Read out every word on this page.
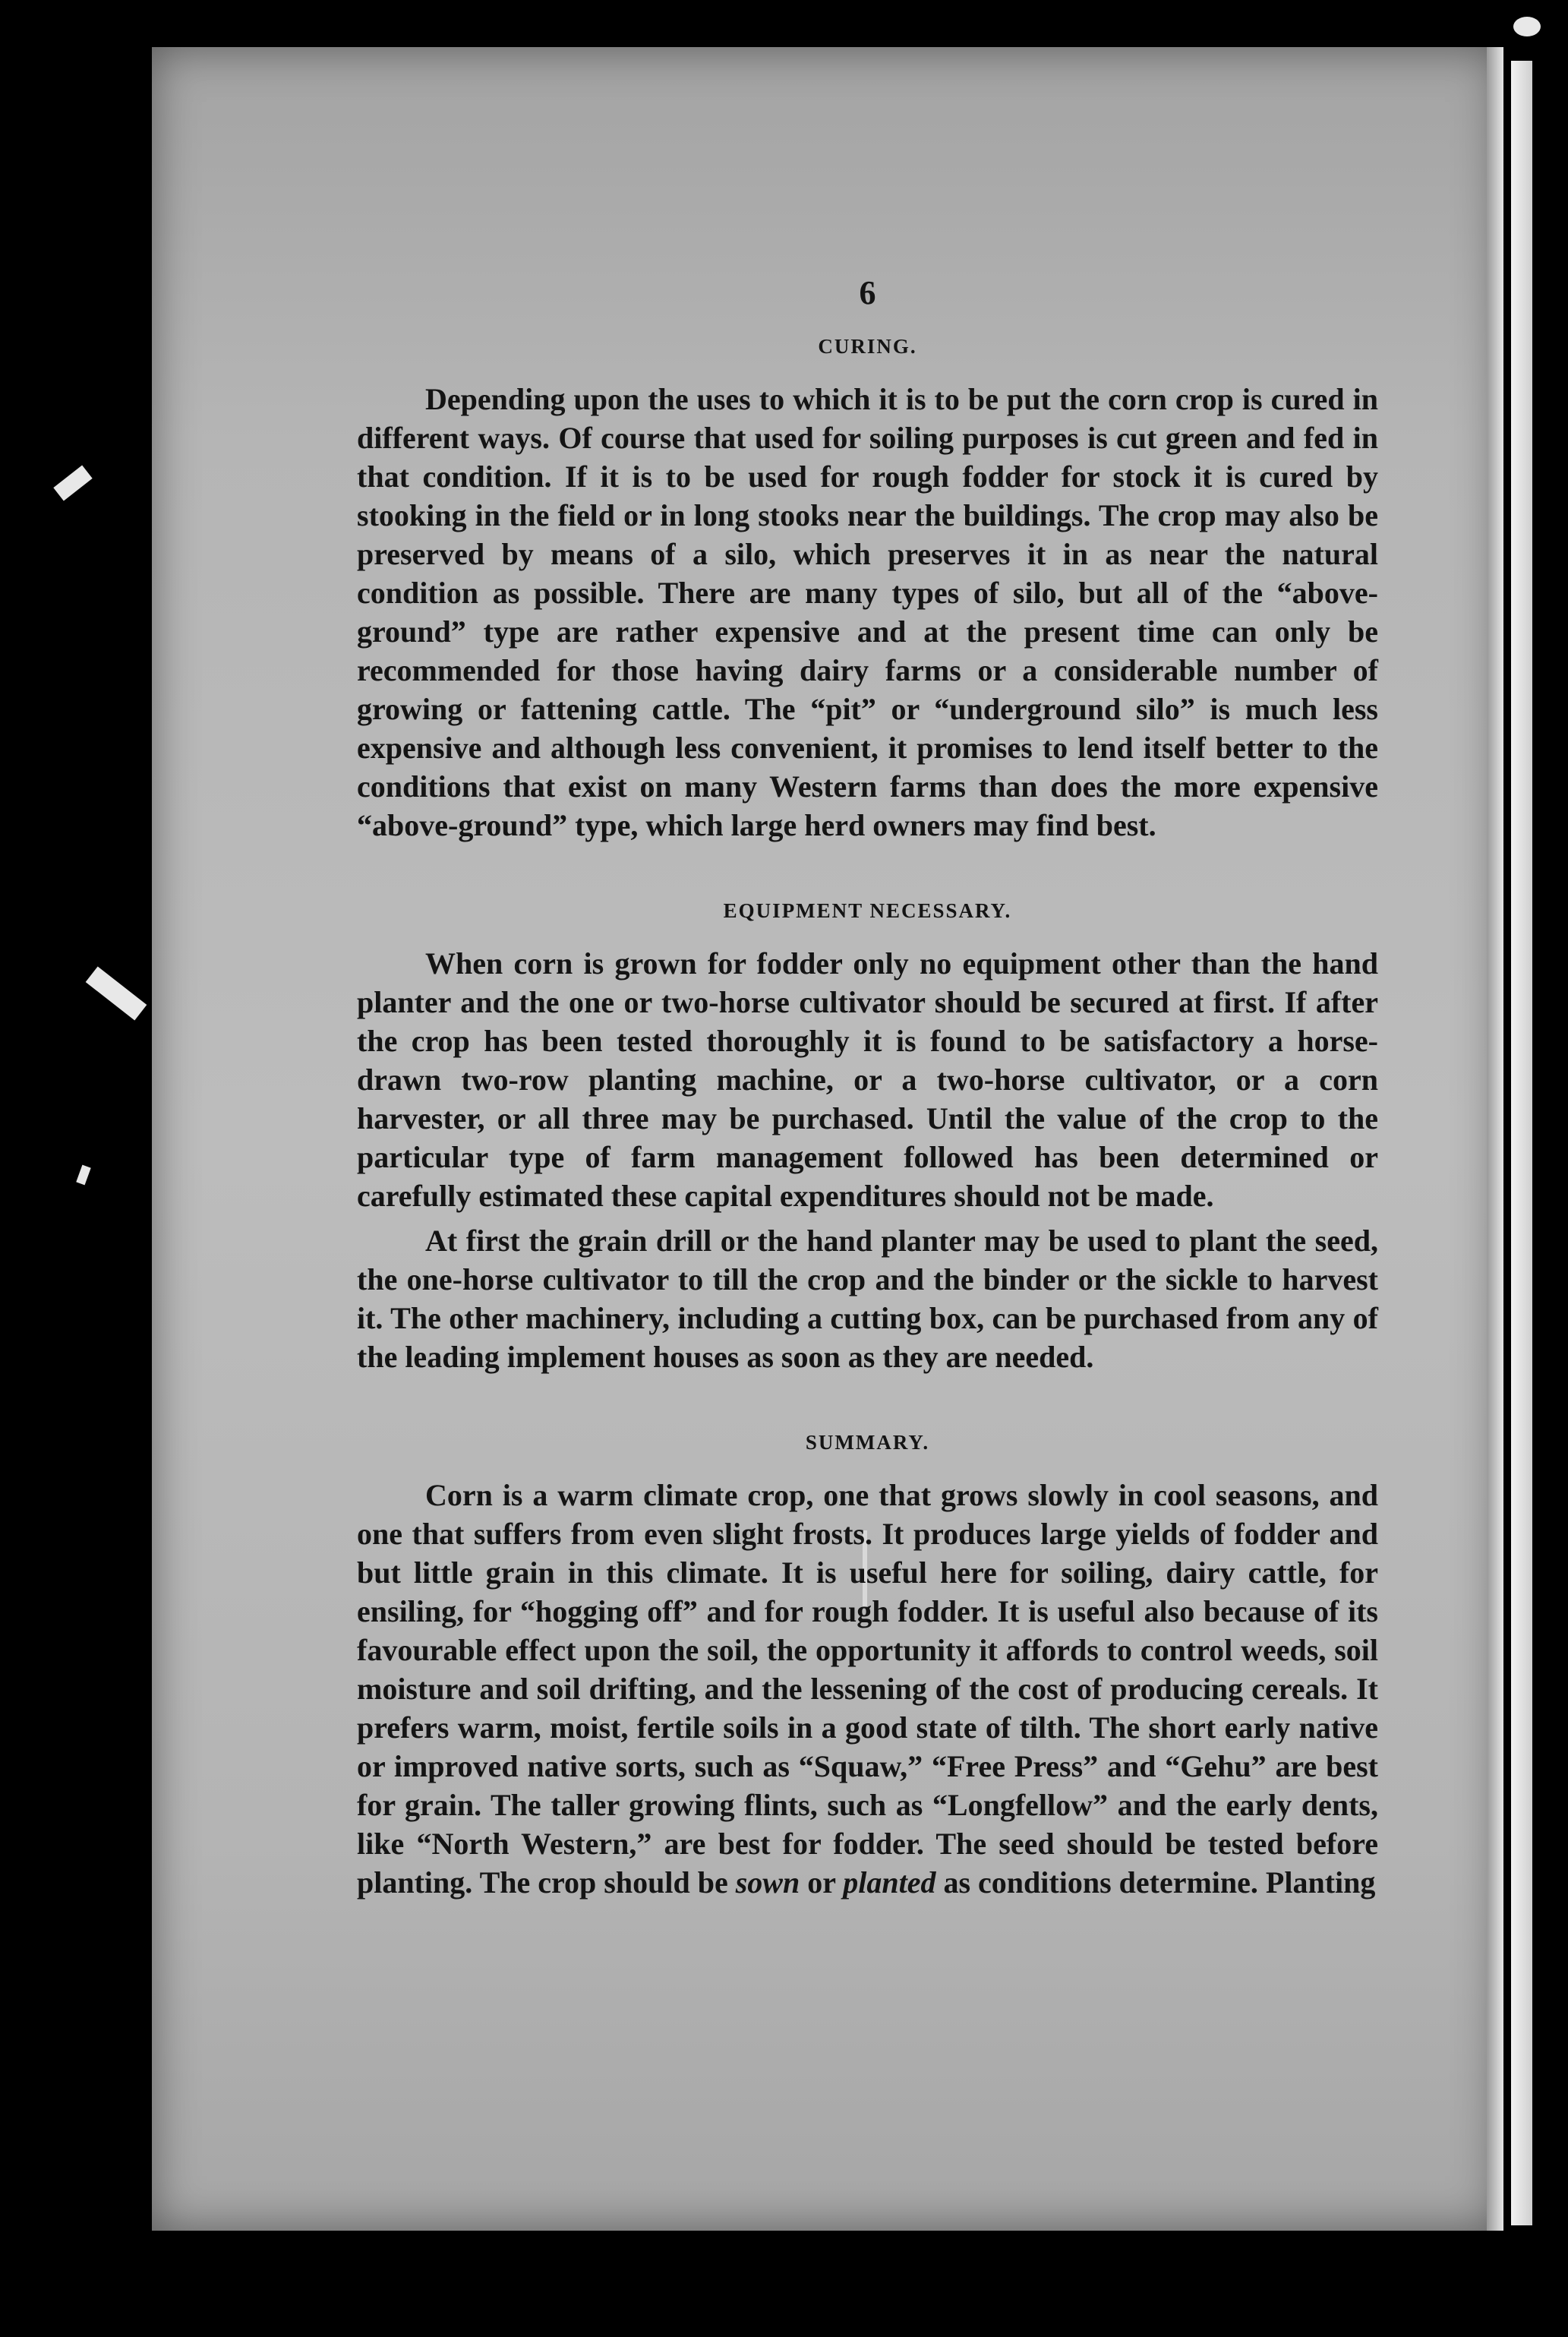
6
CURING.

Depending upon the uses to which it is to be put the corn crop is cured in different ways. Of course that used for soiling purposes is cut green and fed in that condition. If it is to be used for rough fodder for stock it is cured by stooking in the field or in long stooks near the buildings. The crop may also be preserved by means of a silo, which preserves it in as near the natural condition as possible. There are many types of silo, but all of the “above-ground” type are rather expensive and at the present time can only be recommended for those having dairy farms or a considerable number of growing or fattening cattle. The “pit” or “underground silo” is much less expensive and although less convenient, it promises to lend itself better to the conditions that exist on many Western farms than does the more expensive “above-ground” type, which large herd owners may find best.

EQUIPMENT NECESSARY.

When corn is grown for fodder only no equipment other than the hand planter and the one or two-horse cultivator should be secured at first. If after the crop has been tested thoroughly it is found to be satisfactory a horse-drawn two-row planting machine, or a two-horse cultivator, or a corn harvester, or all three may be purchased. Until the value of the crop to the particular type of farm management followed has been determined or carefully estimated these capital expenditures should not be made.

At first the grain drill or the hand planter may be used to plant the seed, the one-horse cultivator to till the crop and the binder or the sickle to harvest it. The other machinery, including a cutting box, can be purchased from any of the leading implement houses as soon as they are needed.

SUMMARY.

Corn is a warm climate crop, one that grows slowly in cool seasons, and one that suffers from even slight frosts. It produces large yields of fodder and but little grain in this climate. It is useful here for soiling, dairy cattle, for ensiling, for “hogging off” and for rough fodder. It is useful also because of its favourable effect upon the soil, the opportunity it affords to control weeds, soil moisture and soil drifting, and the lessening of the cost of producing cereals. It prefers warm, moist, fertile soils in a good state of tilth. The short early native or improved native sorts, such as “Squaw,” “Free Press” and “Gehu” are best for grain. The taller growing flints, such as “Longfellow” and the early dents, like “North Western,” are best for fodder. The seed should be tested before planting. The crop should be sown or planted as conditions determine. Planting
